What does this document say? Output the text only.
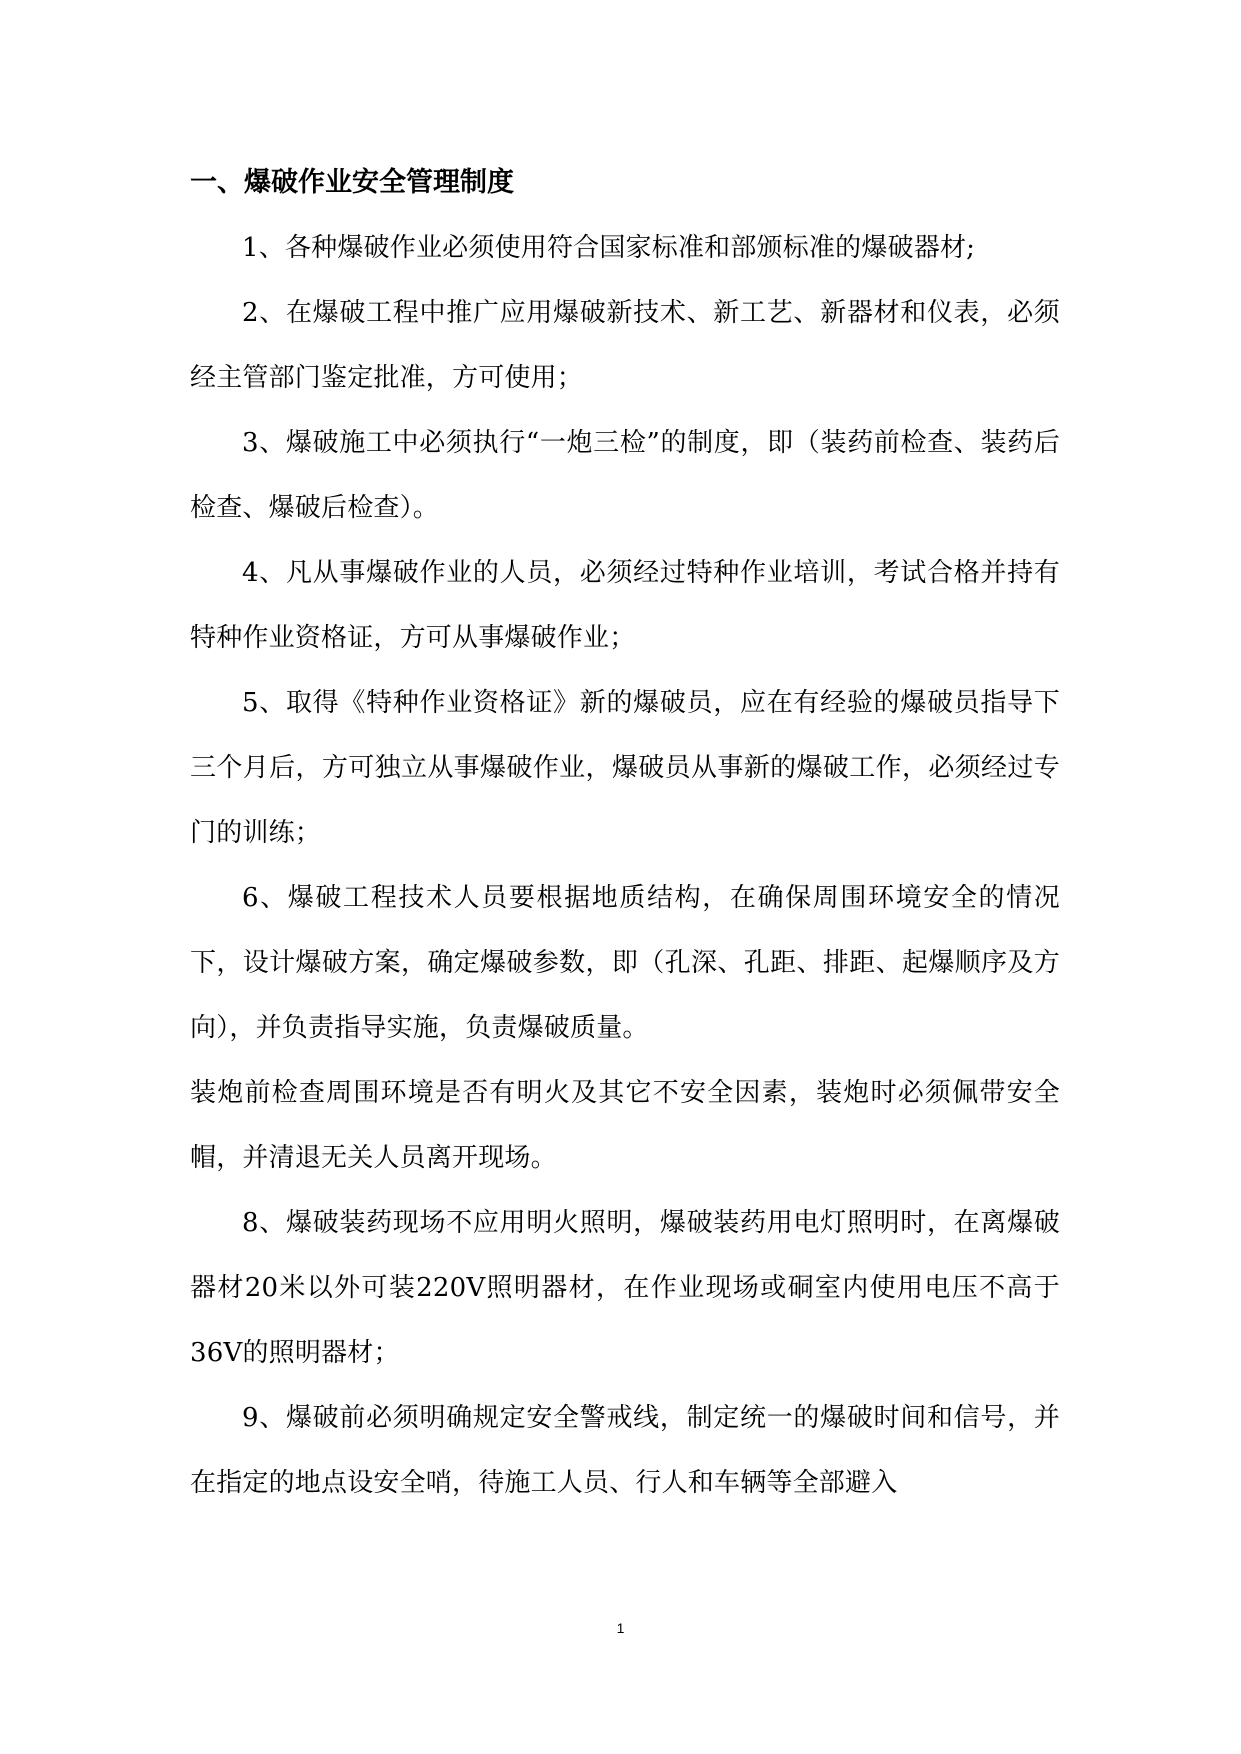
一、爆破作业安全管理制度

1、各种爆破作业必须使用符合国家标准和部颁标准的爆破器材;

2、在爆破工程中推广应用爆破新技术、新工艺、新器材和仪表，必须经主管部门鉴定批准，方可使用；

3、爆破施工中必须执行“一炮三检”的制度，即（装药前检查、装药后检查、爆破后检查）。

4、凡从事爆破作业的人员，必须经过特种作业培训，考试合格并持有特种作业资格证，方可从事爆破作业；

5、取得《特种作业资格证》新的爆破员，应在有经验的爆破员指导下三个月后，方可独立从事爆破作业，爆破员从事新的爆破工作，必须经过专门的训练；

6、爆破工程技术人员要根据地质结构，在确保周围环境安全的情况下，设计爆破方案，确定爆破参数，即（孔深、孔距、排距、起爆顺序及方向），并负责指导实施，负责爆破质量。

装炮前检查周围环境是否有明火及其它不安全因素，装炮时必须佩带安全帽，并清退无关人员离开现场。

8、爆破装药现场不应用明火照明，爆破装药用电灯照明时，在离爆破器材20米以外可装220V照明器材，在作业现场或硐室内使用电压不高于36V的照明器材；

9、爆破前必须明确规定安全警戒线，制定统一的爆破时间和信号，并在指定的地点设安全哨，待施工人员、行人和车辆等全部避入

1
